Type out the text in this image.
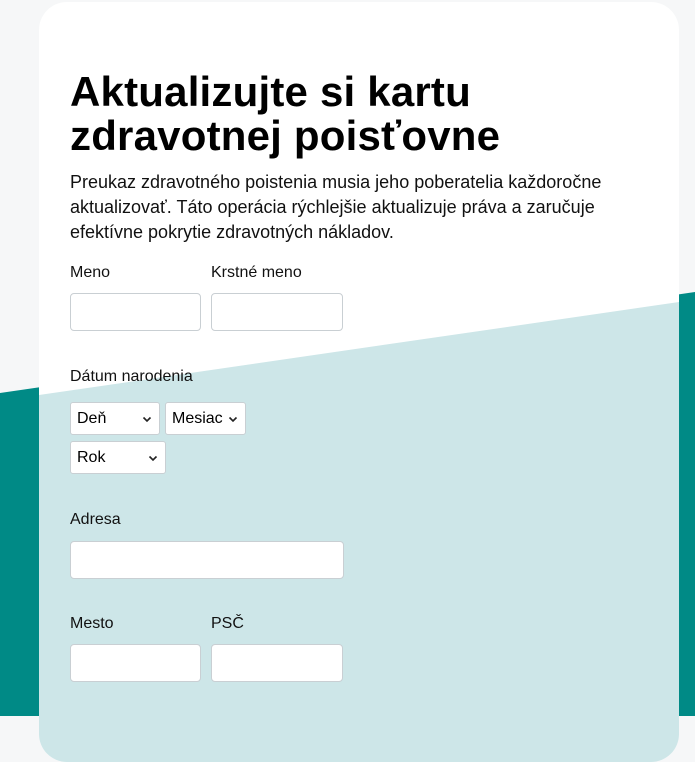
Aktualizujte si kartu
zdravotnej poisťovne

Preukaz zdravotného poistenia musia jeho poberatelia každoročne aktualizovať. Táto operácia rýchlejšie aktualizuje práva a zaručuje efektívne pokrytie zdravotných nákladov.

Meno	Krstné meno
Dátum narodenia
Deň	Mesiac
Rok
Adresa
Mesto	PSČ
